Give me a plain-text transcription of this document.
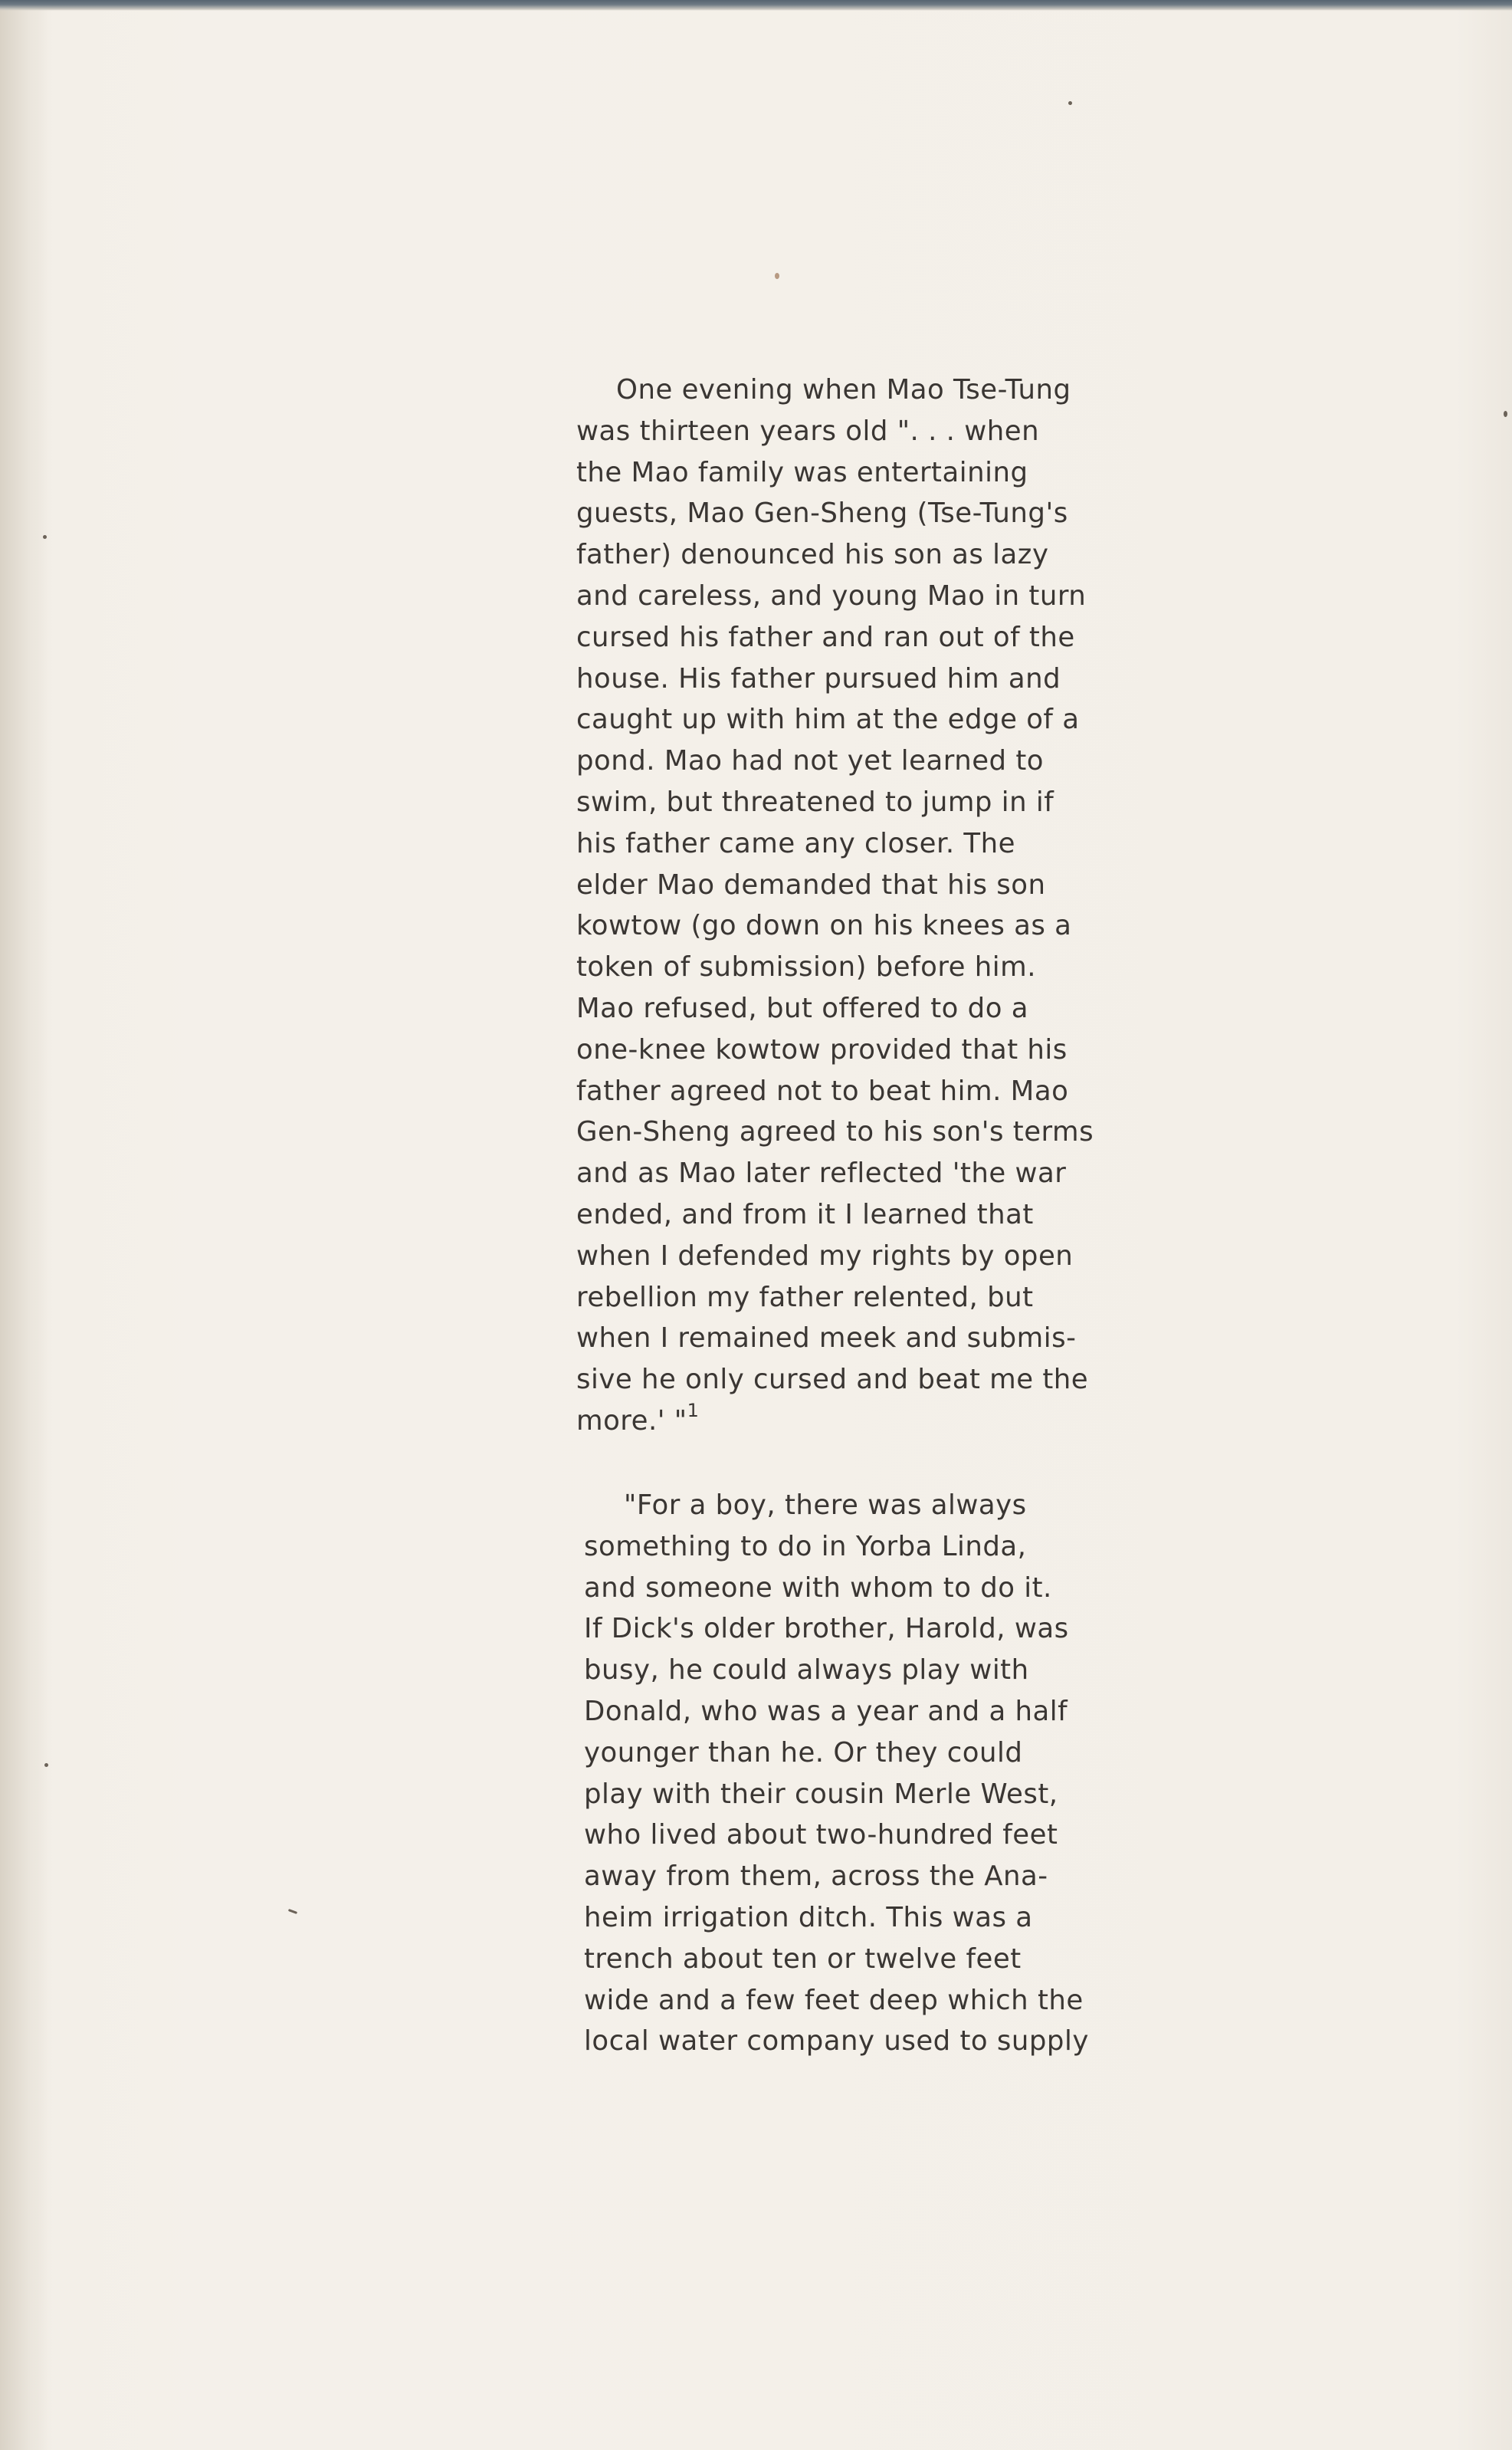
One evening when Mao Tse-Tung
was thirteen years old ". . . when
the Mao family was entertaining
guests, Mao Gen-Sheng (Tse-Tung's
father) denounced his son as lazy
and careless, and young Mao in turn
cursed his father and ran out of the
house. His father pursued him and
caught up with him at the edge of a
pond. Mao had not yet learned to
swim, but threatened to jump in if
his father came any closer. The
elder Mao demanded that his son
kowtow (go down on his knees as a
token of submission) before him.
Mao refused, but offered to do a
one-knee kowtow provided that his
father agreed not to beat him. Mao
Gen-Sheng agreed to his son's terms
and as Mao later reflected 'the war
ended, and from it I learned that
when I defended my rights by open
rebellion my father relented, but
when I remained meek and submis-
sive he only cursed and beat me the
more.' "$^1$
"For a boy, there was always
something to do in Yorba Linda,
and someone with whom to do it.
If Dick's older brother, Harold, was
busy, he could always play with
Donald, who was a year and a half
younger than he. Or they could
play with their cousin Merle West,
who lived about two-hundred feet
away from them, across the Ana-
heim irrigation ditch. This was a
trench about ten or twelve feet
wide and a few feet deep which the
local water company used to supply
